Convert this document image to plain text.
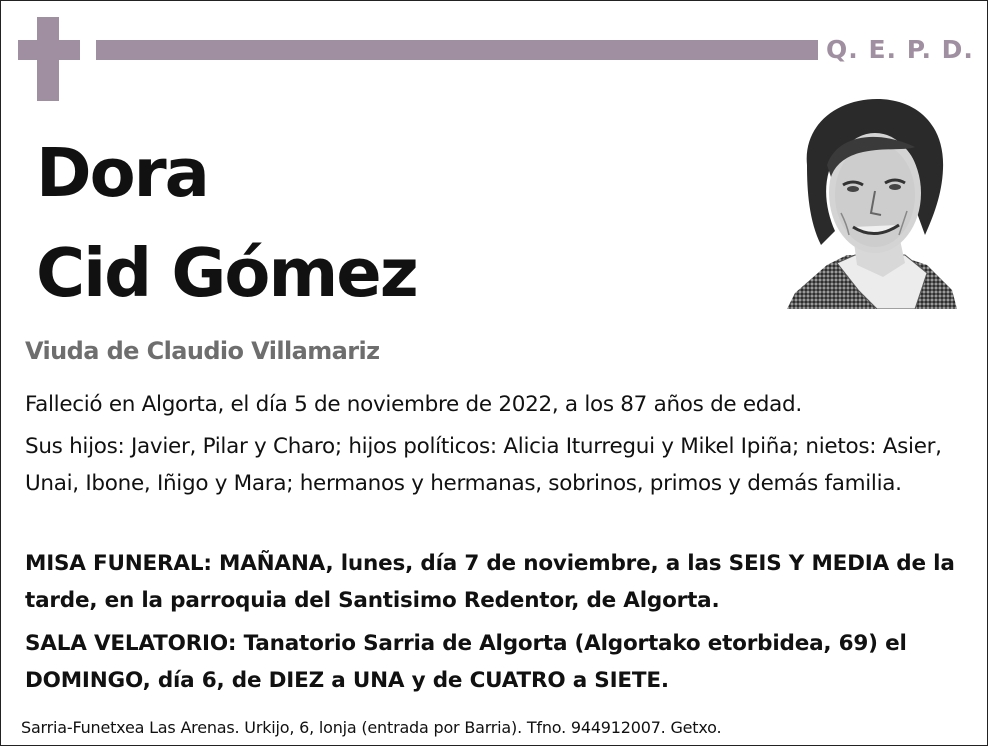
Q. E. P. D.
Dora
Cid Gómez
Viuda de Claudio Villamariz

Falleció en Algorta, el día 5 de noviembre de 2022, a los 87 años de edad.

Sus hijos: Javier, Pilar y Charo; hijos políticos: Alicia Iturregui y Mikel Ipiña; nietos: Asier, Unai, Ibone, Iñigo y Mara; hermanos y hermanas, sobrinos, primos y demás familia.

MISA FUNERAL: MAÑANA, lunes, día 7 de noviembre, a las SEIS Y MEDIA de la tarde, en la parroquia del Santisimo Redentor, de Algorta.

SALA VELATORIO: Tanatorio Sarria de Algorta (Algortako etorbidea, 69) el DOMINGO, día 6, de DIEZ a UNA y de CUATRO a SIETE.

Sarria-Funetxea Las Arenas. Urkijo, 6, lonja (entrada por Barria). Tfno. 944912007. Getxo.
